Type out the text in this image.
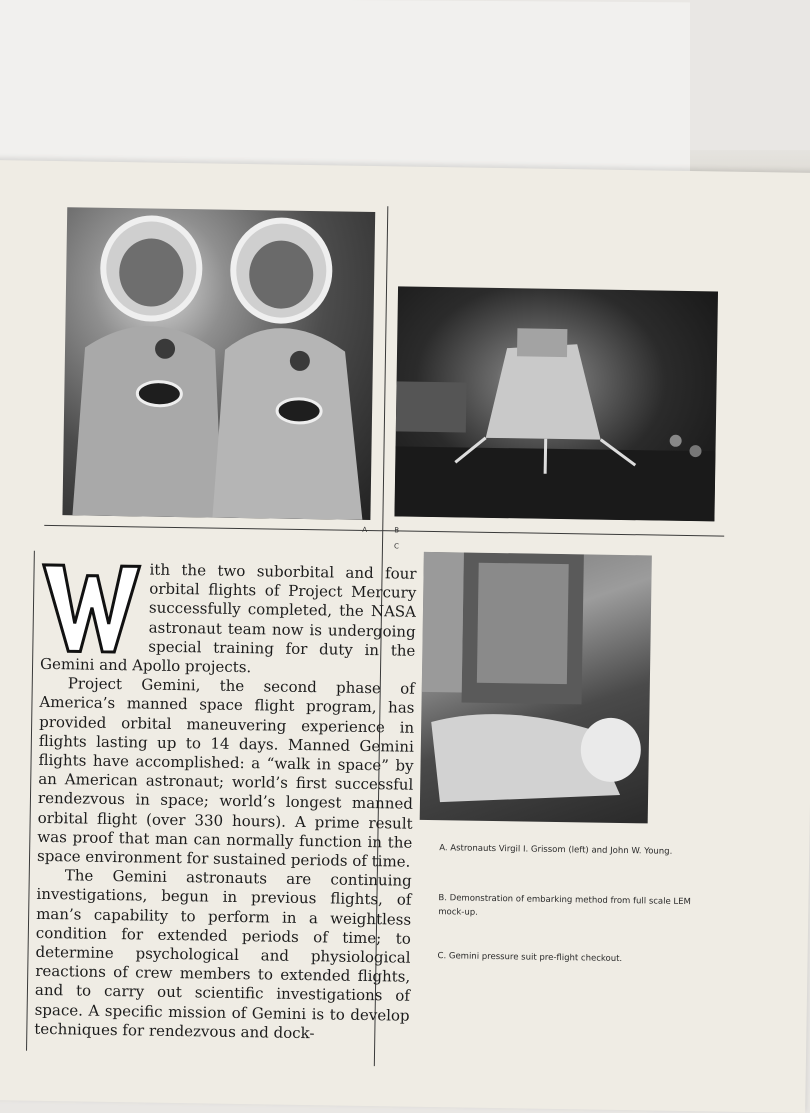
A	B
C

ith the two suborbital and four orbital flights of Project Mercury successfully completed, the NASA astronaut team now is undergoing special training for duty in the Gemini and Apollo projects.

Project Gemini, the second phase of America’s manned space flight program, has provided orbital maneuvering experience in flights lasting up to 14 days. Manned Gemini flights have accomplished: a “walk in space” by an American astronaut; world’s first successful rendezvous in space; world’s longest manned orbital flight (over 330 hours). A prime result was proof that man can normally function in the space environment for sustained periods of time.

The Gemini astronauts are continuing investigations, begun in previous flights, of man’s capability to perform in a weightless condition for extended periods of time; to determine psychological and physiological reactions of crew members to extended flights, and to carry out scientific investigations of space. A specific mission of Gemini is to develop techniques for rendezvous and dock-

A. Astronauts Virgil I. Grissom (left) and John W. Young.
B. Demonstration of embarking method from full scale LEM mock-up.
C. Gemini pressure suit pre-flight checkout.
